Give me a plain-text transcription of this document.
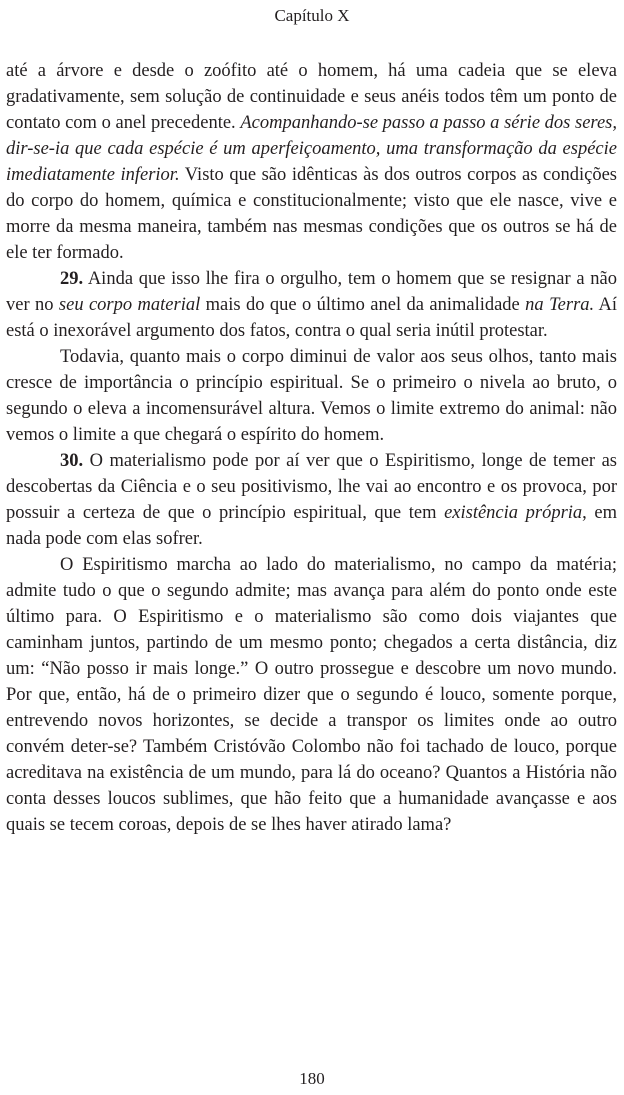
Capítulo X

até a árvore e desde o zoófito até o homem, há uma cadeia que se eleva gradativamente, sem solução de continuidade e seus anéis todos têm um ponto de contato com o anel precedente. Acompanhando-se passo a passo a série dos seres, dir-se-ia que cada espécie é um aperfeiçoamento, uma transformação da espécie imediatamente inferior. Visto que são idênticas às dos outros corpos as condições do corpo do homem, química e constitucionalmente; visto que ele nasce, vive e morre da mesma maneira, também nas mesmas condições que os outros se há de ele ter formado.

29. Ainda que isso lhe fira o orgulho, tem o homem que se resignar a não ver no seu corpo material mais do que o último anel da animalidade na Terra. Aí está o inexorável argumento dos fatos, contra o qual seria inútil protestar.

Todavia, quanto mais o corpo diminui de valor aos seus olhos, tanto mais cresce de importância o princípio espiritual. Se o primeiro o nivela ao bruto, o segundo o eleva a incomensurável altura. Vemos o limite extremo do animal: não vemos o limite a que chegará o espírito do homem.

30. O materialismo pode por aí ver que o Espiritismo, longe de temer as descobertas da Ciência e o seu positivismo, lhe vai ao encontro e os provoca, por possuir a certeza de que o princípio espiritual, que tem existência própria, em nada pode com elas sofrer.

O Espiritismo marcha ao lado do materialismo, no campo da matéria; admite tudo o que o segundo admite; mas avança para além do ponto onde este último para. O Espiritismo e o materialismo são como dois viajantes que caminham juntos, partindo de um mesmo ponto; chegados a certa distância, diz um: “Não posso ir mais longe.” O outro prossegue e descobre um novo mundo. Por que, então, há de o primeiro dizer que o segundo é louco, somente porque, entrevendo novos horizontes, se decide a transpor os limites onde ao outro convém deter-se? Também Cristóvão Colombo não foi tachado de louco, porque acreditava na existência de um mundo, para lá do oceano? Quantos a História não conta desses loucos sublimes, que hão feito que a humanidade avançasse e aos quais se tecem coroas, depois de se lhes haver atirado lama?

180
